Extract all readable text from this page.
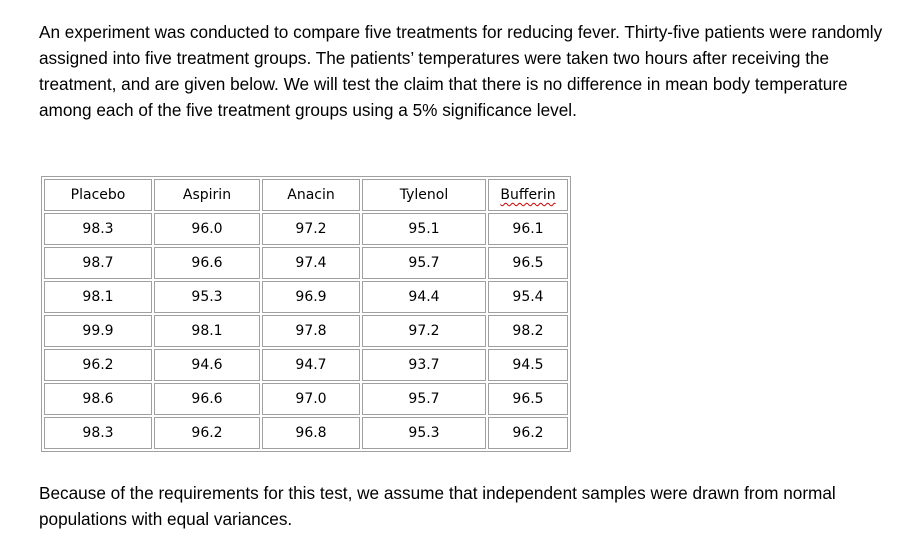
An experiment was conducted to compare five treatments for reducing fever. Thirty-five patients were randomly assigned into five treatment groups. The patients’ temperatures were taken two hours after receiving the treatment, and are given below. We will test the claim that there is no difference in mean body temperature among each of the five treatment groups using a 5% significance level.

Placebo	Aspirin	Anacin	Tylenol	Bufferin
98.3	96.0	97.2	95.1	96.1
98.7	96.6	97.4	95.7	96.5
98.1	95.3	96.9	94.4	95.4
99.9	98.1	97.8	97.2	98.2
96.2	94.6	94.7	93.7	94.5
98.6	96.6	97.0	95.7	96.5
98.3	96.2	96.8	95.3	96.2

Because of the requirements for this test, we assume that independent samples were drawn from normal populations with equal variances.
